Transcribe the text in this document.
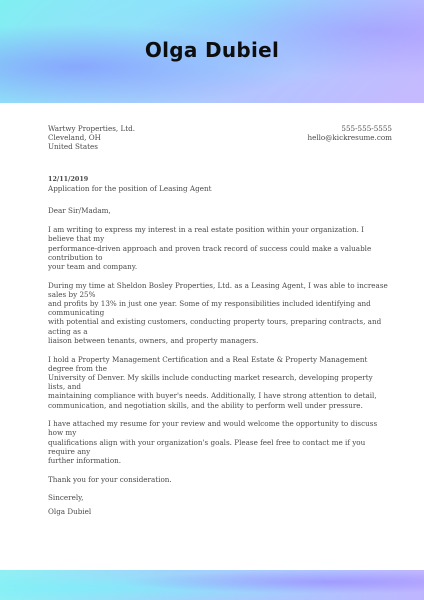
Olga Dubiel
Wartwy Properties, Ltd.
Cleveland, OH
United States
555-555-5555
hello@kickresume.com
12/11/2019

Application for the position of Leasing Agent

Dear Sir/Madam,

I am writing to express my interest in a real estate position within your organization. I believe that my
performance-driven approach and proven track record of success could make a valuable contribution to
your team and company.

During my time at Sheldon Bosley Properties, Ltd. as a Leasing Agent, I was able to increase sales by 25%
and profits by 13% in just one year. Some of my responsibilities included identifying and communicating
with potential and existing customers, conducting property tours, preparing contracts, and acting as a
liaison between tenants, owners, and property managers.

I hold a Property Management Certification and a Real Estate & Property Management degree from the
University of Denver. My skills include conducting market research, developing property lists, and
maintaining compliance with buyer's needs. Additionally, I have strong attention to detail,
communication, and negotiation skills, and the ability to perform well under pressure.

I have attached my resume for your review and would welcome the opportunity to discuss how my
qualifications align with your organization's goals. Please feel free to contact me if you require any
further information.

Thank you for your consideration.

Sincerely,

Olga Dubiel
